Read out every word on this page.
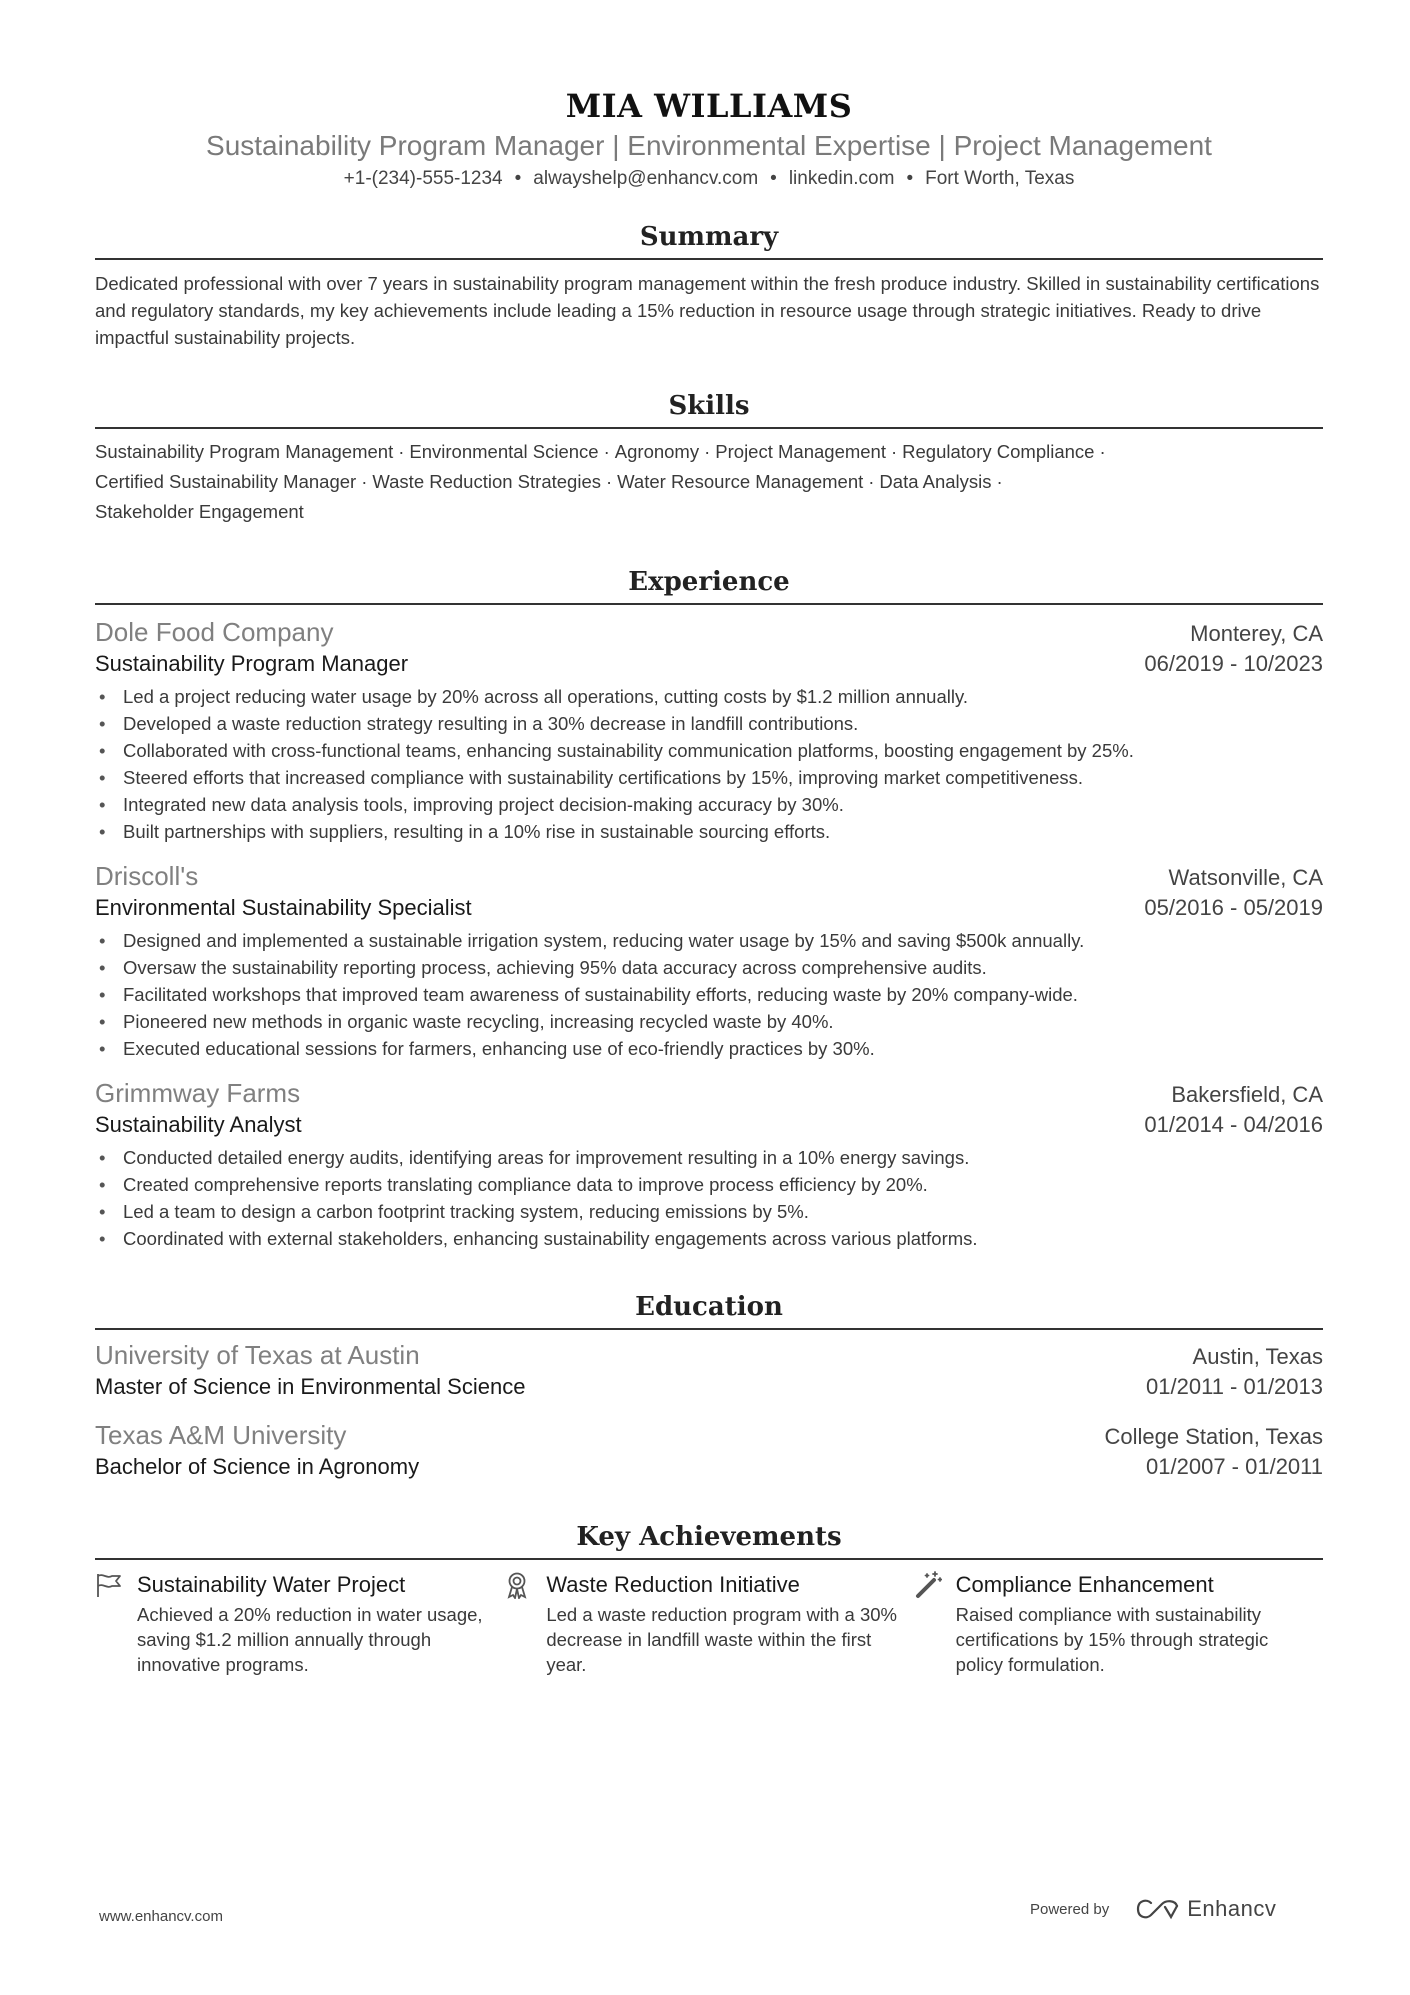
MIA WILLIAMS
Sustainability Program Manager | Environmental Expertise | Project Management
+1-(234)-555-1234 • alwayshelp@enhancv.com • linkedin.com • Fort Worth, Texas
Summary

Dedicated professional with over 7 years in sustainability program management within the fresh produce industry. Skilled in sustainability certifications and regulatory standards, my key achievements include leading a 15% reduction in resource usage through strategic initiatives. Ready to drive impactful sustainability projects.

Skills
Sustainability Program Management · Environmental Science · Agronomy · Project Management · Regulatory Compliance ·
Certified Sustainability Manager · Waste Reduction Strategies · Water Resource Management · Data Analysis ·
Stakeholder Engagement
Experience
Dole Food Company	Monterey, CA
Sustainability Program Manager	06/2019 - 10/2023
• Led a project reducing water usage by 20% across all operations, cutting costs by $1.2 million annually.
• Developed a waste reduction strategy resulting in a 30% decrease in landfill contributions.
• Collaborated with cross-functional teams, enhancing sustainability communication platforms, boosting engagement by 25%.
• Steered efforts that increased compliance with sustainability certifications by 15%, improving market competitiveness.
• Integrated new data analysis tools, improving project decision-making accuracy by 30%.
• Built partnerships with suppliers, resulting in a 10% rise in sustainable sourcing efforts.
Driscoll's	Watsonville, CA
Environmental Sustainability Specialist	05/2016 - 05/2019
• Designed and implemented a sustainable irrigation system, reducing water usage by 15% and saving $500k annually.
• Oversaw the sustainability reporting process, achieving 95% data accuracy across comprehensive audits.
• Facilitated workshops that improved team awareness of sustainability efforts, reducing waste by 20% company-wide.
• Pioneered new methods in organic waste recycling, increasing recycled waste by 40%.
• Executed educational sessions for farmers, enhancing use of eco-friendly practices by 30%.
Grimmway Farms	Bakersfield, CA
Sustainability Analyst	01/2014 - 04/2016
• Conducted detailed energy audits, identifying areas for improvement resulting in a 10% energy savings.
• Created comprehensive reports translating compliance data to improve process efficiency by 20%.
• Led a team to design a carbon footprint tracking system, reducing emissions by 5%.
• Coordinated with external stakeholders, enhancing sustainability engagements across various platforms.
Education
University of Texas at Austin	Austin, Texas
Master of Science in Environmental Science	01/2011 - 01/2013
Texas A&M University	College Station, Texas
Bachelor of Science in Agronomy	01/2007 - 01/2011
Key Achievements
Sustainability Water Project
Achieved a 20% reduction in water usage, saving $1.2 million annually through innovative programs.
Waste Reduction Initiative
Led a waste reduction program with a 30% decrease in landfill waste within the first year.
Compliance Enhancement
Raised compliance with sustainability certifications by 15% through strategic policy formulation.
www.enhancv.com	Powered by	Enhancv
